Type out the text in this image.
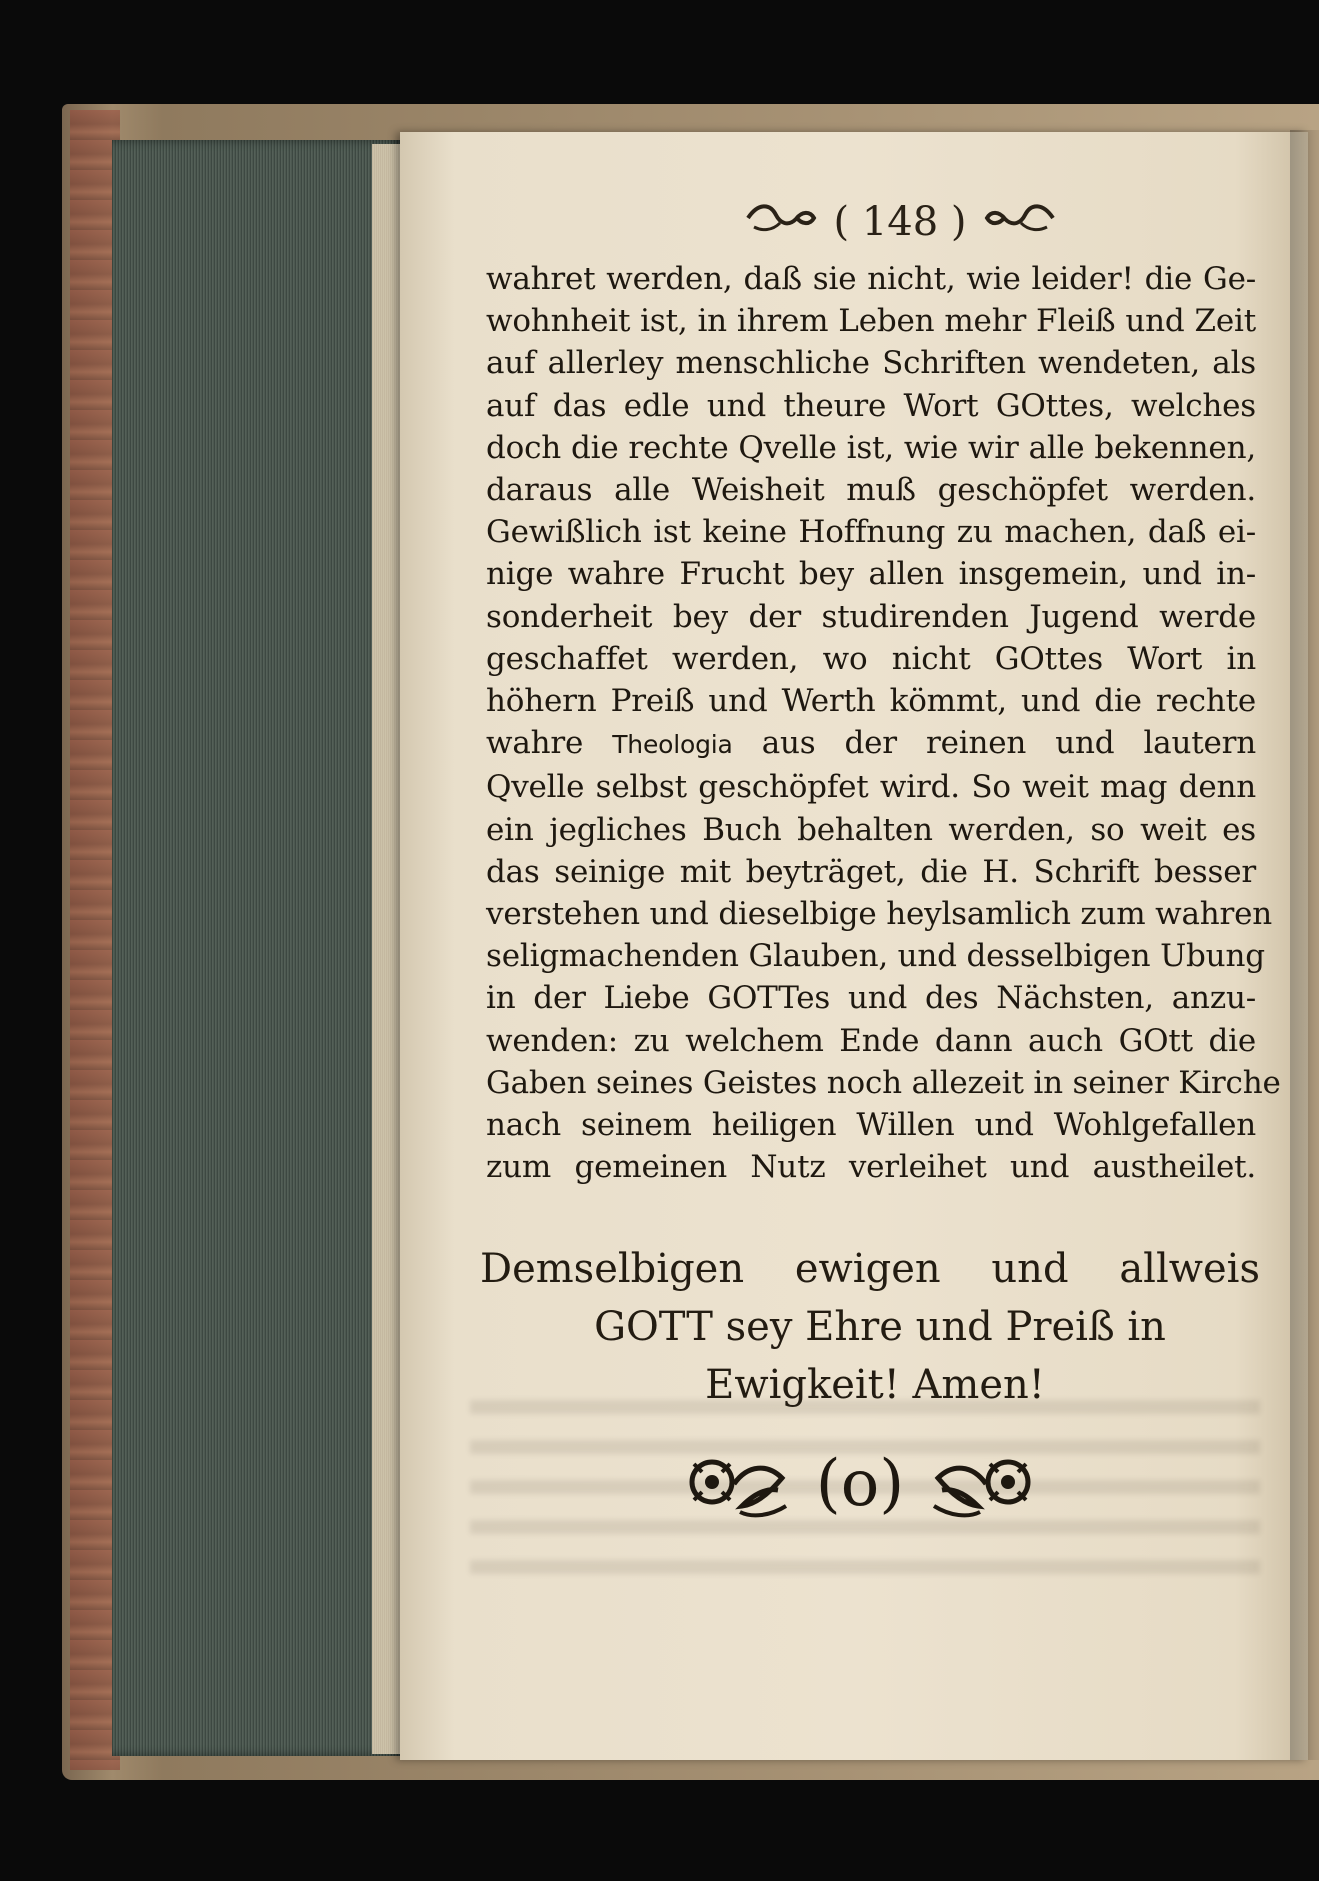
( 148 )
wahret werden, daß sie nicht, wie leider! die Ge-
wohnheit ist, in ihrem Leben mehr Fleiß und Zeit
auf allerley menschliche Schriften wendeten, als
auf das edle und theure Wort GOttes, welches
doch die rechte Qvelle ist, wie wir alle bekennen,
daraus alle Weisheit muß geschöpfet werden.
Gewißlich ist keine Hoffnung zu machen, daß ei-
nige wahre Frucht bey allen insgemein, und in-
sonderheit bey der studirenden Jugend werde
geschaffet werden, wo nicht GOttes Wort in
höhern Preiß und Werth kömmt, und die rechte
wahre Theologia aus der reinen und lautern
Qvelle selbst geschöpfet wird. So weit mag denn
ein jegliches Buch behalten werden, so weit es
das seinige mit beyträget, die H. Schrift besser
verstehen und dieselbige heylsamlich zum wahren
seligmachenden Glauben, und desselbigen Ubung
in der Liebe GOTTes und des Nächsten, anzu-
wenden: zu welchem Ende dann auch GOtt die
Gaben seines Geistes noch allezeit in seiner Kirche
nach seinem heiligen Willen und Wohlgefallen
zum gemeinen Nutz verleihet und austheilet.
Demselbigen ewigen und allweis
GOTT sey Ehre und Preiß in
Ewigkeit! Amen!
(o)
